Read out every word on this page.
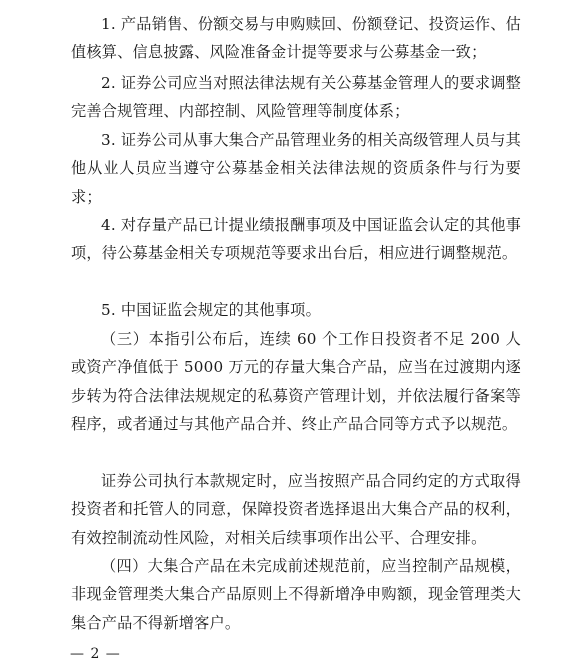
1. 产品销售、份额交易与申购赎回、份额登记、投资运作、估值核算、信息披露、风险准备金计提等要求与公募基金一致；

2. 证券公司应当对照法律法规有关公募基金管理人的要求调整完善合规管理、内部控制、风险管理等制度体系；

3. 证券公司从事大集合产品管理业务的相关高级管理人员与其他从业人员应当遵守公募基金相关法律法规的资质条件与行为要求；

4. 对存量产品已计提业绩报酬事项及中国证监会认定的其他事项，待公募基金相关专项规范等要求出台后，相应进行调整规范。

5. 中国证监会规定的其他事项。

（三）本指引公布后，连续 60 个工作日投资者不足 200 人或资产净值低于 5000 万元的存量大集合产品，应当在过渡期内逐步转为符合法律法规规定的私募资产管理计划，并依法履行备案等程序，或者通过与其他产品合并、终止产品合同等方式予以规范。

证券公司执行本款规定时，应当按照产品合同约定的方式取得投资者和托管人的同意，保障投资者选择退出大集合产品的权利，有效控制流动性风险，对相关后续事项作出公平、合理安排。

（四）大集合产品在未完成前述规范前，应当控制产品规模，非现金管理类大集合产品原则上不得新增净申购额，现金管理类大集合产品不得新增客户。

— 2 —
